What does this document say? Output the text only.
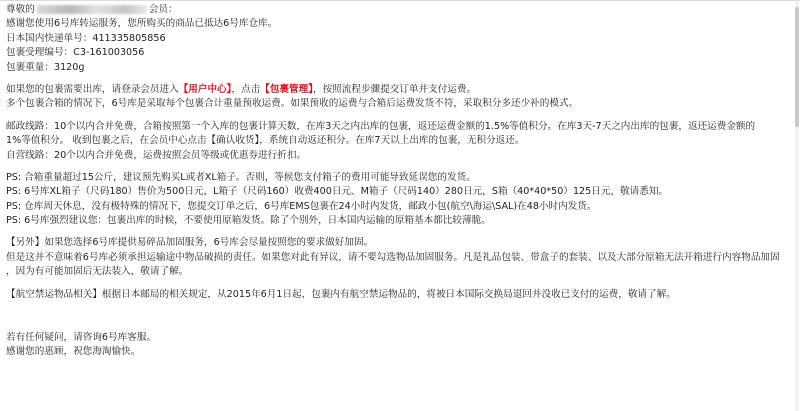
尊敬的	会员：
感谢您使用6号库转运服务，您所购买的商品已抵达6号库仓库。
日本国内快递单号：411335805856
包裹受理编号：C3-161003056
包裹重量：3120g
如果您的包裹需要出库，请登录会员进入【用户中心】，点击【包裹管理】，按照流程步骤提交订单并支付运费。
多个包裹合箱的情况下，6号库是采取每个包裹合计重量预收运费。如果预收的运费与合箱后运费发货不符，采取积分多还少补的模式。
邮政线路：10个以内合并免费，合箱按照第一个入库的包裹计算天数，在库3天之内出库的包裹，返还运费金额的1.5%等值积分。在库3天-7天之内出库的包裹，返还运费金额的
1%等值积分。 收到包裹之后，在会员中心点击【确认收货】，系统自动返还积分。在库7天以上出库的包裹，无积分返还。
自营线路：20个以内合并免费，运费按照会员等级或优惠券进行折扣。
PS: 合箱重量超过15公斤，建议预先购买L或者XL箱子。否则，等候您支付箱子的费用可能导致延误您的发货。
PS: 6号库XL箱子（尺码180）售价为500日元，L箱子（尺码160）收费400日元、M箱子（尺码140）280日元，S箱（40*40*50）125日元，敬请悉知。
PS: 仓库周天休息，没有极特殊的情况下，您提交订单之后，6号库EMS包裹在24小时内发货，邮政小包(航空\海运\SAL)在48小时内发货。
PS: 6号库强烈建议您：包裹出库的时候，不要使用原箱发货。除了个别外，日本国内运输的原箱基本都比较薄脆。
【另外】如果您选择6号库提供易碎品加固服务，6号库会尽量按照您的要求做好加固。
但是这并不意味着6号库必须承担运输途中物品破损的责任。如果您对此有异议，请不要勾选物品加固服务。凡是礼品包装、带盒子的套装、以及大部分原箱无法开箱进行内容物品加固
，因为有可能加固后无法装入，敬请了解。
【航空禁运物品相关】根据日本邮局的相关规定，从2015年6月1日起，包裹内有航空禁运物品的，将被日本国际交换局退回并没收已支付的运费，敬请了解。
若有任何疑问，请咨询6号库客服。
感谢您的惠顾，祝您海淘愉快。
